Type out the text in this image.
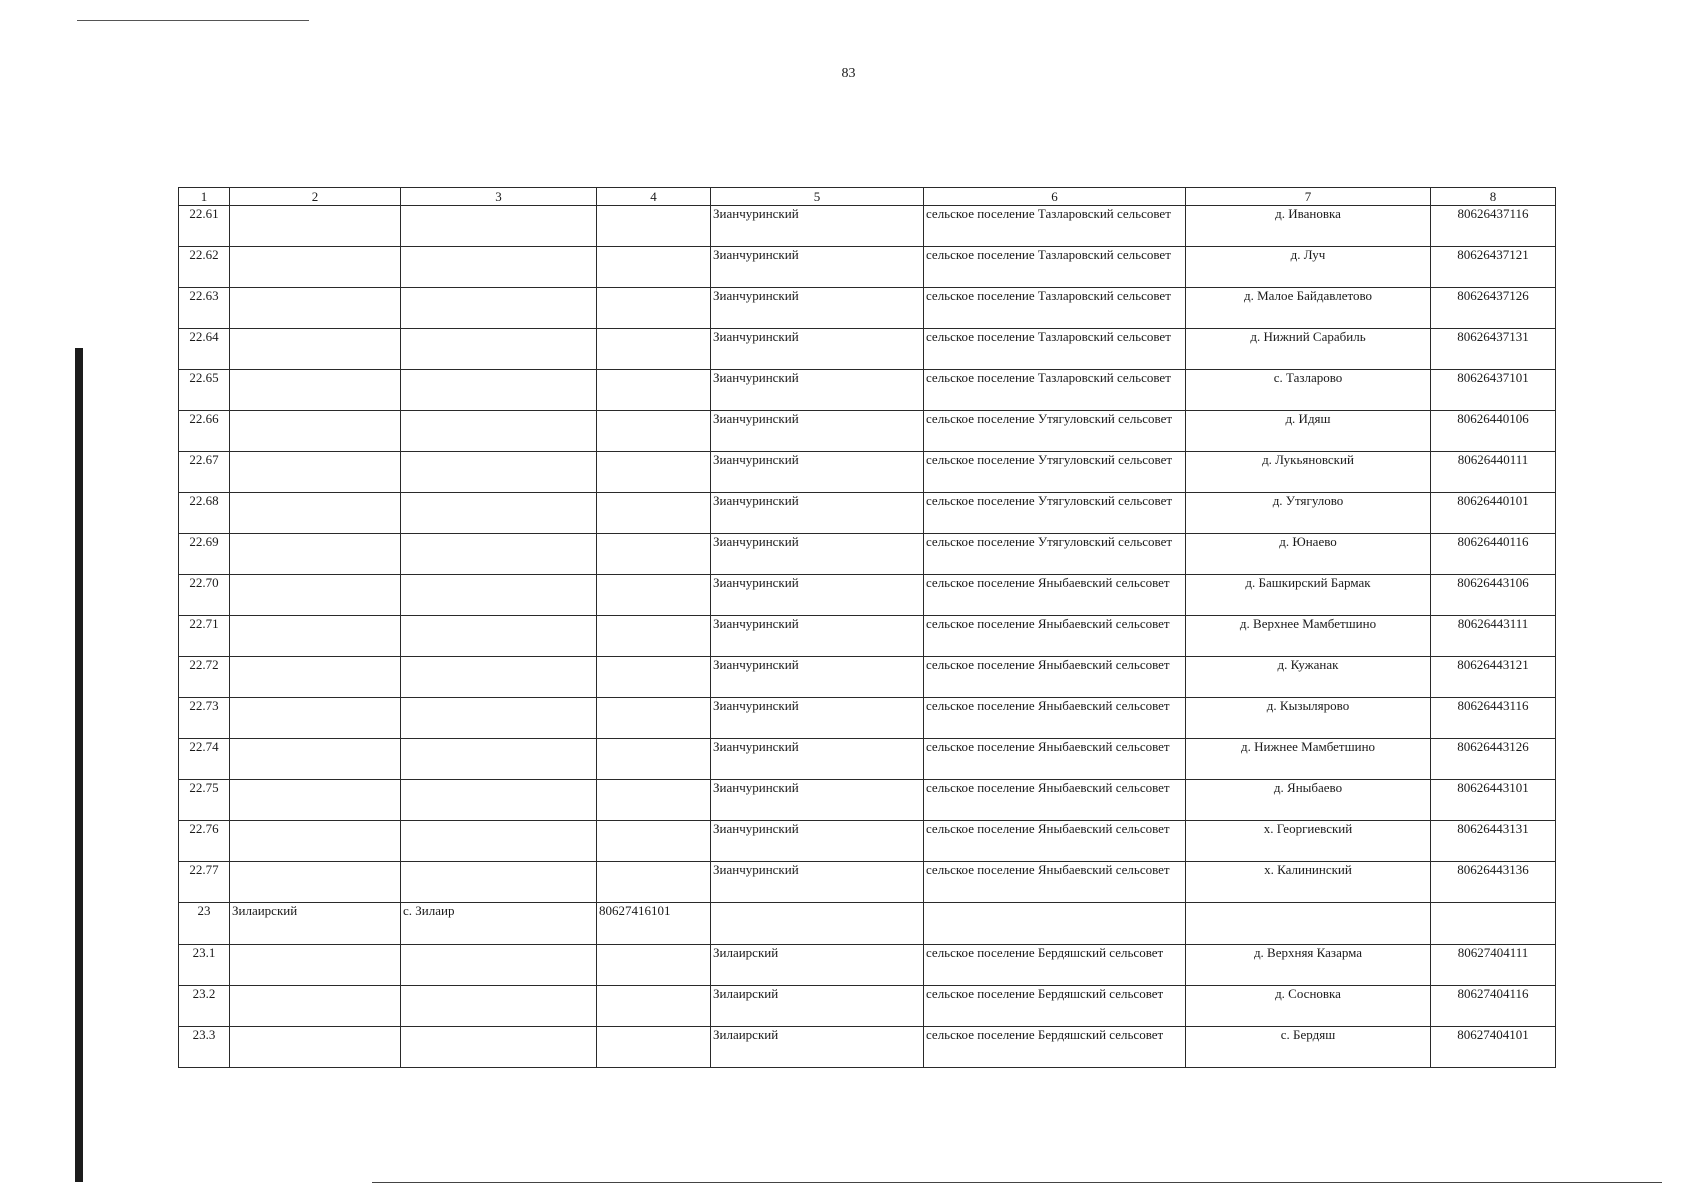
83
1	2	3	4	5	6	7	8
22.61				Зианчуринский	сельское поселение Тазларовский сельсовет	д. Ивановка	80626437116
22.62				Зианчуринский	сельское поселение Тазларовский сельсовет	д. Луч	80626437121
22.63				Зианчуринский	сельское поселение Тазларовский сельсовет	д. Малое Байдавлетово	80626437126
22.64				Зианчуринский	сельское поселение Тазларовский сельсовет	д. Нижний Сарабиль	80626437131
22.65				Зианчуринский	сельское поселение Тазларовский сельсовет	с. Тазларово	80626437101
22.66				Зианчуринский	сельское поселение Утягуловский сельсовет	д. Идяш	80626440106
22.67				Зианчуринский	сельское поселение Утягуловский сельсовет	д. Лукьяновский	80626440111
22.68				Зианчуринский	сельское поселение Утягуловский сельсовет	д. Утягулово	80626440101
22.69				Зианчуринский	сельское поселение Утягуловский сельсовет	д. Юнаево	80626440116
22.70				Зианчуринский	сельское поселение Яныбаевский сельсовет	д. Башкирский Бармак	80626443106
22.71				Зианчуринский	сельское поселение Яныбаевский сельсовет	д. Верхнее Мамбетшино	80626443111
22.72				Зианчуринский	сельское поселение Яныбаевский сельсовет	д. Кужанак	80626443121
22.73				Зианчуринский	сельское поселение Яныбаевский сельсовет	д. Кызылярово	80626443116
22.74				Зианчуринский	сельское поселение Яныбаевский сельсовет	д. Нижнее Мамбетшино	80626443126
22.75				Зианчуринский	сельское поселение Яныбаевский сельсовет	д. Яныбаево	80626443101
22.76				Зианчуринский	сельское поселение Яныбаевский сельсовет	х. Георгиевский	80626443131
22.77				Зианчуринский	сельское поселение Яныбаевский сельсовет	х. Калининский	80626443136
23	Зилаирский	с. Зилаир	80627416101				
23.1				Зилаирский	сельское поселение Бердяшский сельсовет	д. Верхняя Казарма	80627404111
23.2				Зилаирский	сельское поселение Бердяшский сельсовет	д. Сосновка	80627404116
23.3				Зилаирский	сельское поселение Бердяшский сельсовет	с. Бердяш	80627404101
